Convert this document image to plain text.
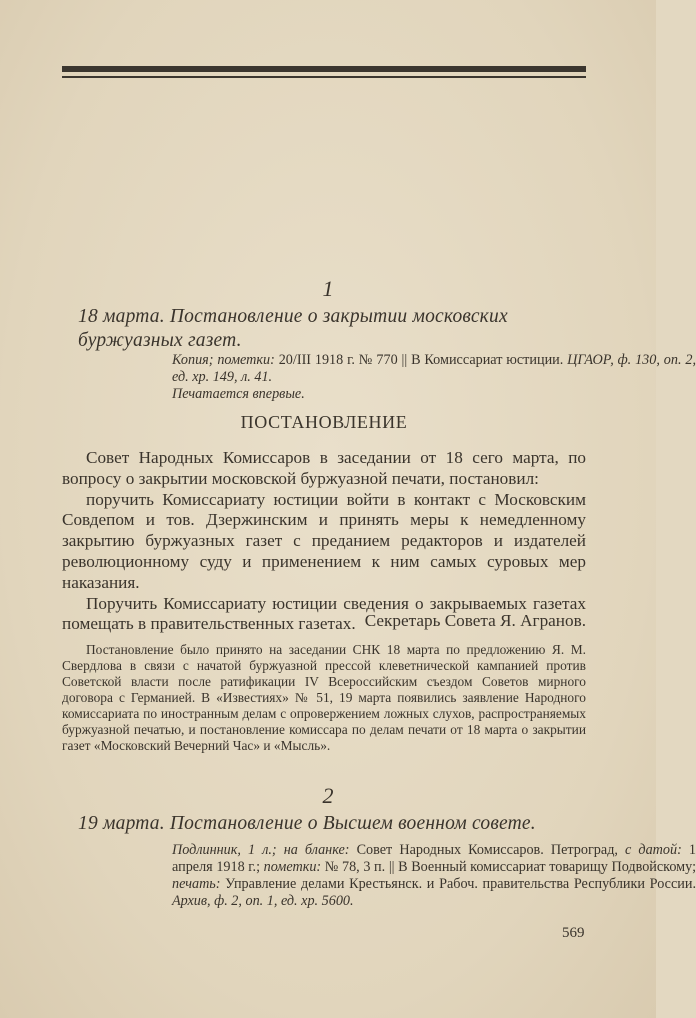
1
18 марта. Постановление о закрытии московских буржуазных газет.
Копия; пометки: 20/III 1918 г. № 770 || В Комиссариат юстиции. ЦГАОР, ф. 130, оп. 2, ед. хр. 149, л. 41.
Печатается впервые.
ПОСТАНОВЛЕНИЕ

Совет Народных Комиссаров в заседании от 18 сего марта, по вопросу о закрытии московской буржуазной печати, постановил:

поручить Комиссариату юстиции войти в контакт с Московским Совдепом и тов. Дзержинским и принять меры к немедленному закрытию буржуазных газет с преданием редакторов и издателей революционному суду и применением к ним самых суровых мер наказания.

Поручить Комиссариату юстиции сведения о закрываемых газетах помещать в правительственных газетах. Секретарь Совета Я. Агранов.

Постановление было принято на заседании СНК 18 марта по предложению Я. М. Свердлова в связи с начатой буржуазной прессой клеветнической кампанией против Советской власти после ратификации IV Всероссийским съездом Советов мирного договора с Германией. В «Известиях» № 51, 19 марта появились заявление Народного комиссариата по иностранным делам с опровержением ложных слухов, распространяемых буржуазной печатью, и постановление комиссара по делам печати от 18 марта о закрытии газет «Московский Вечерний Час» и «Мысль».

2
19 марта. Постановление о Высшем военном совете.
Подлинник, 1 л.; на бланке: Совет Народных Комиссаров. Петроград, с датой: 1 апреля 1918 г.; пометки: № 78, 3 п. || В Военный комиссариат товарищу Подвойскому; печать: Управление делами Крестьянск. и Рабоч. правительства Республики России. Архив, ф. 2, оп. 1, ед. хр. 5600.
569
